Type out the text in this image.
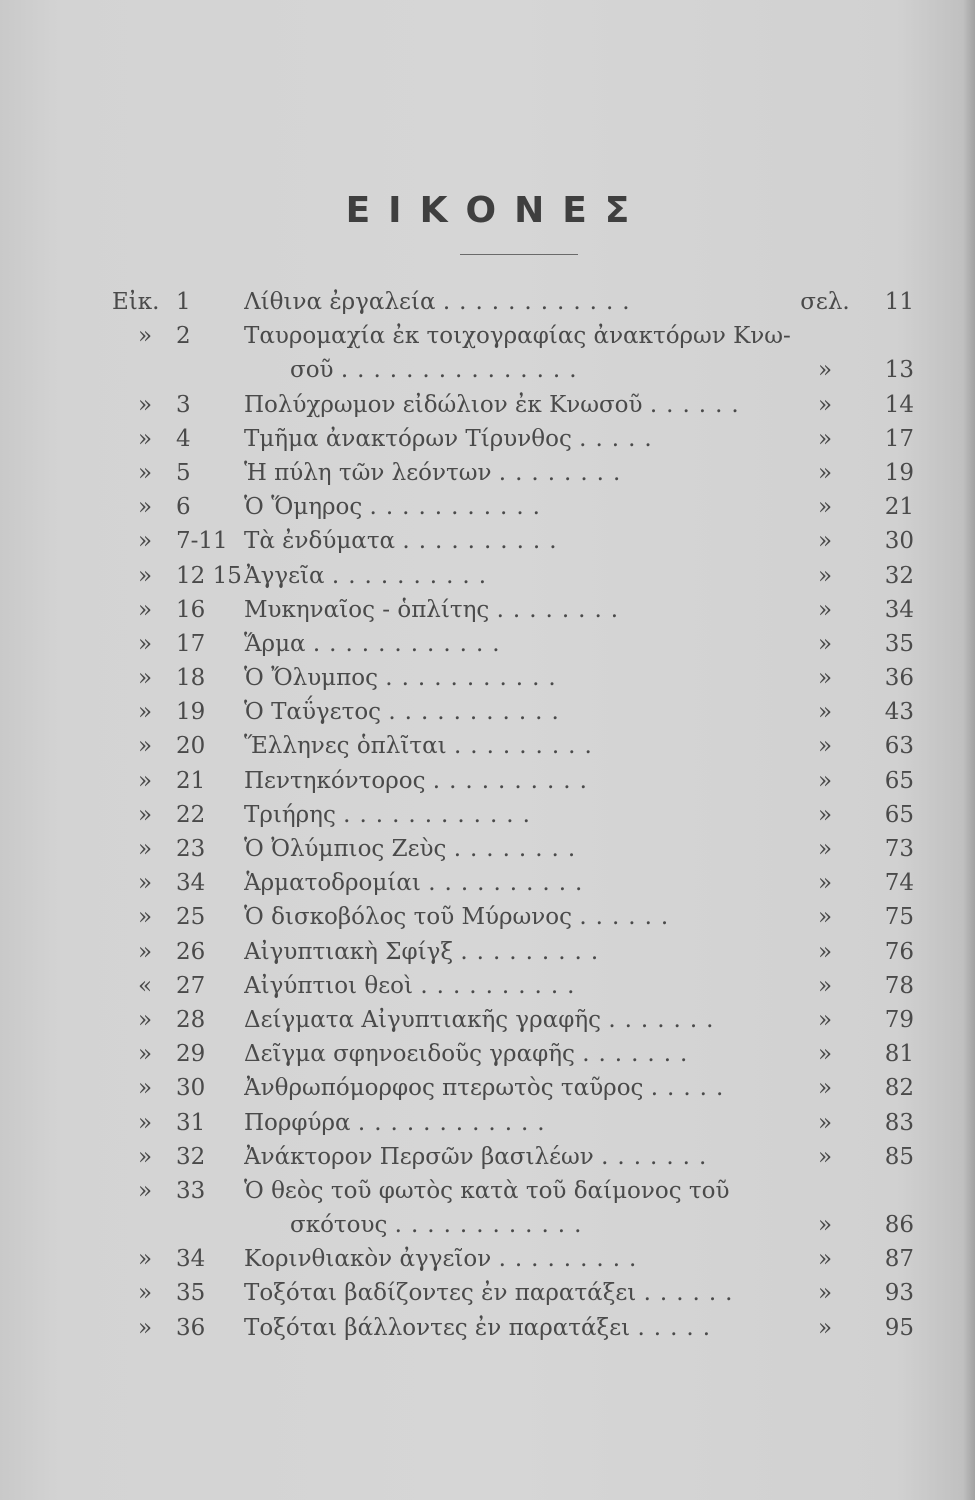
ΕΙΚΟΝΕΣ
Εἰκ. 1	Λίθινα ἐργαλεία ............	σελ.	11
»	2	Ταυρομαχία ἐκ τοιχογραφίας ἀνακτόρων Κνω-
σοῦ ...............	»	13
»	3	Πολύχρωμον εἰδώλιον ἐκ Κνωσοῦ ......	»	14
»	4	Τμῆμα ἀνακτόρων Τίρυνθος .....	»	17
»	5	Ἡ πύλη τῶν λεόντων ........	»	19
»	6	Ὁ Ὅμηρος ...........	»	21
»	7-11 Τὰ ἐνδύματα ..........	»	30
»	12 15 Ἀγγεῖα ..........	»	32
»	16	Μυκηναῖος - ὁπλίτης ........	»	34
»	17	Ἅρμα ............	»	35
»	18	Ὁ Ὄλυμπος ...........	»	36
»	19	Ὁ Ταΰγετος ...........	»	43
»	20	Ἕλληνες ὁπλῖται .........	»	63
»	21	Πεντηκόντορος ..........	»	65
»	22	Τριήρης ............	»	65
»	23	Ὁ Ὀλύμπιος Ζεὺς ........	»	73
»	34	Ἁρματοδρομίαι ..........	»	74
»	25	Ὁ δισκοβόλος τοῦ Μύρωνος ......	»	75
»	26	Αἰγυπτιακὴ Σφίγξ .........	»	76
«	27	Αἰγύπτιοι θεοὶ ..........	»	78
»	28	Δείγματα Αἰγυπτιακῆς γραφῆς .......	»	79
»	29	Δεῖγμα σφηνοειδοῦς γραφῆς .......	»	81
»	30	Ἀνθρωπόμορφος πτερωτὸς ταῦρος .....	»	82
»	31	Πορφύρα ............	»	83
»	32	Ἀνάκτορον Περσῶν βασιλέων .......	»	85
»	33	Ὁ θεὸς τοῦ φωτὸς κατὰ τοῦ δαίμονος τοῦ
σκότους ............	»	86
»	34	Κορινθιακὸν ἀγγεῖον .........	»	87
»	35	Τοξόται βαδίζοντες ἐν παρατάξει ......	»	93
»	36	Τοξόται βάλλοντες ἐν παρατάξει .....	»	95
